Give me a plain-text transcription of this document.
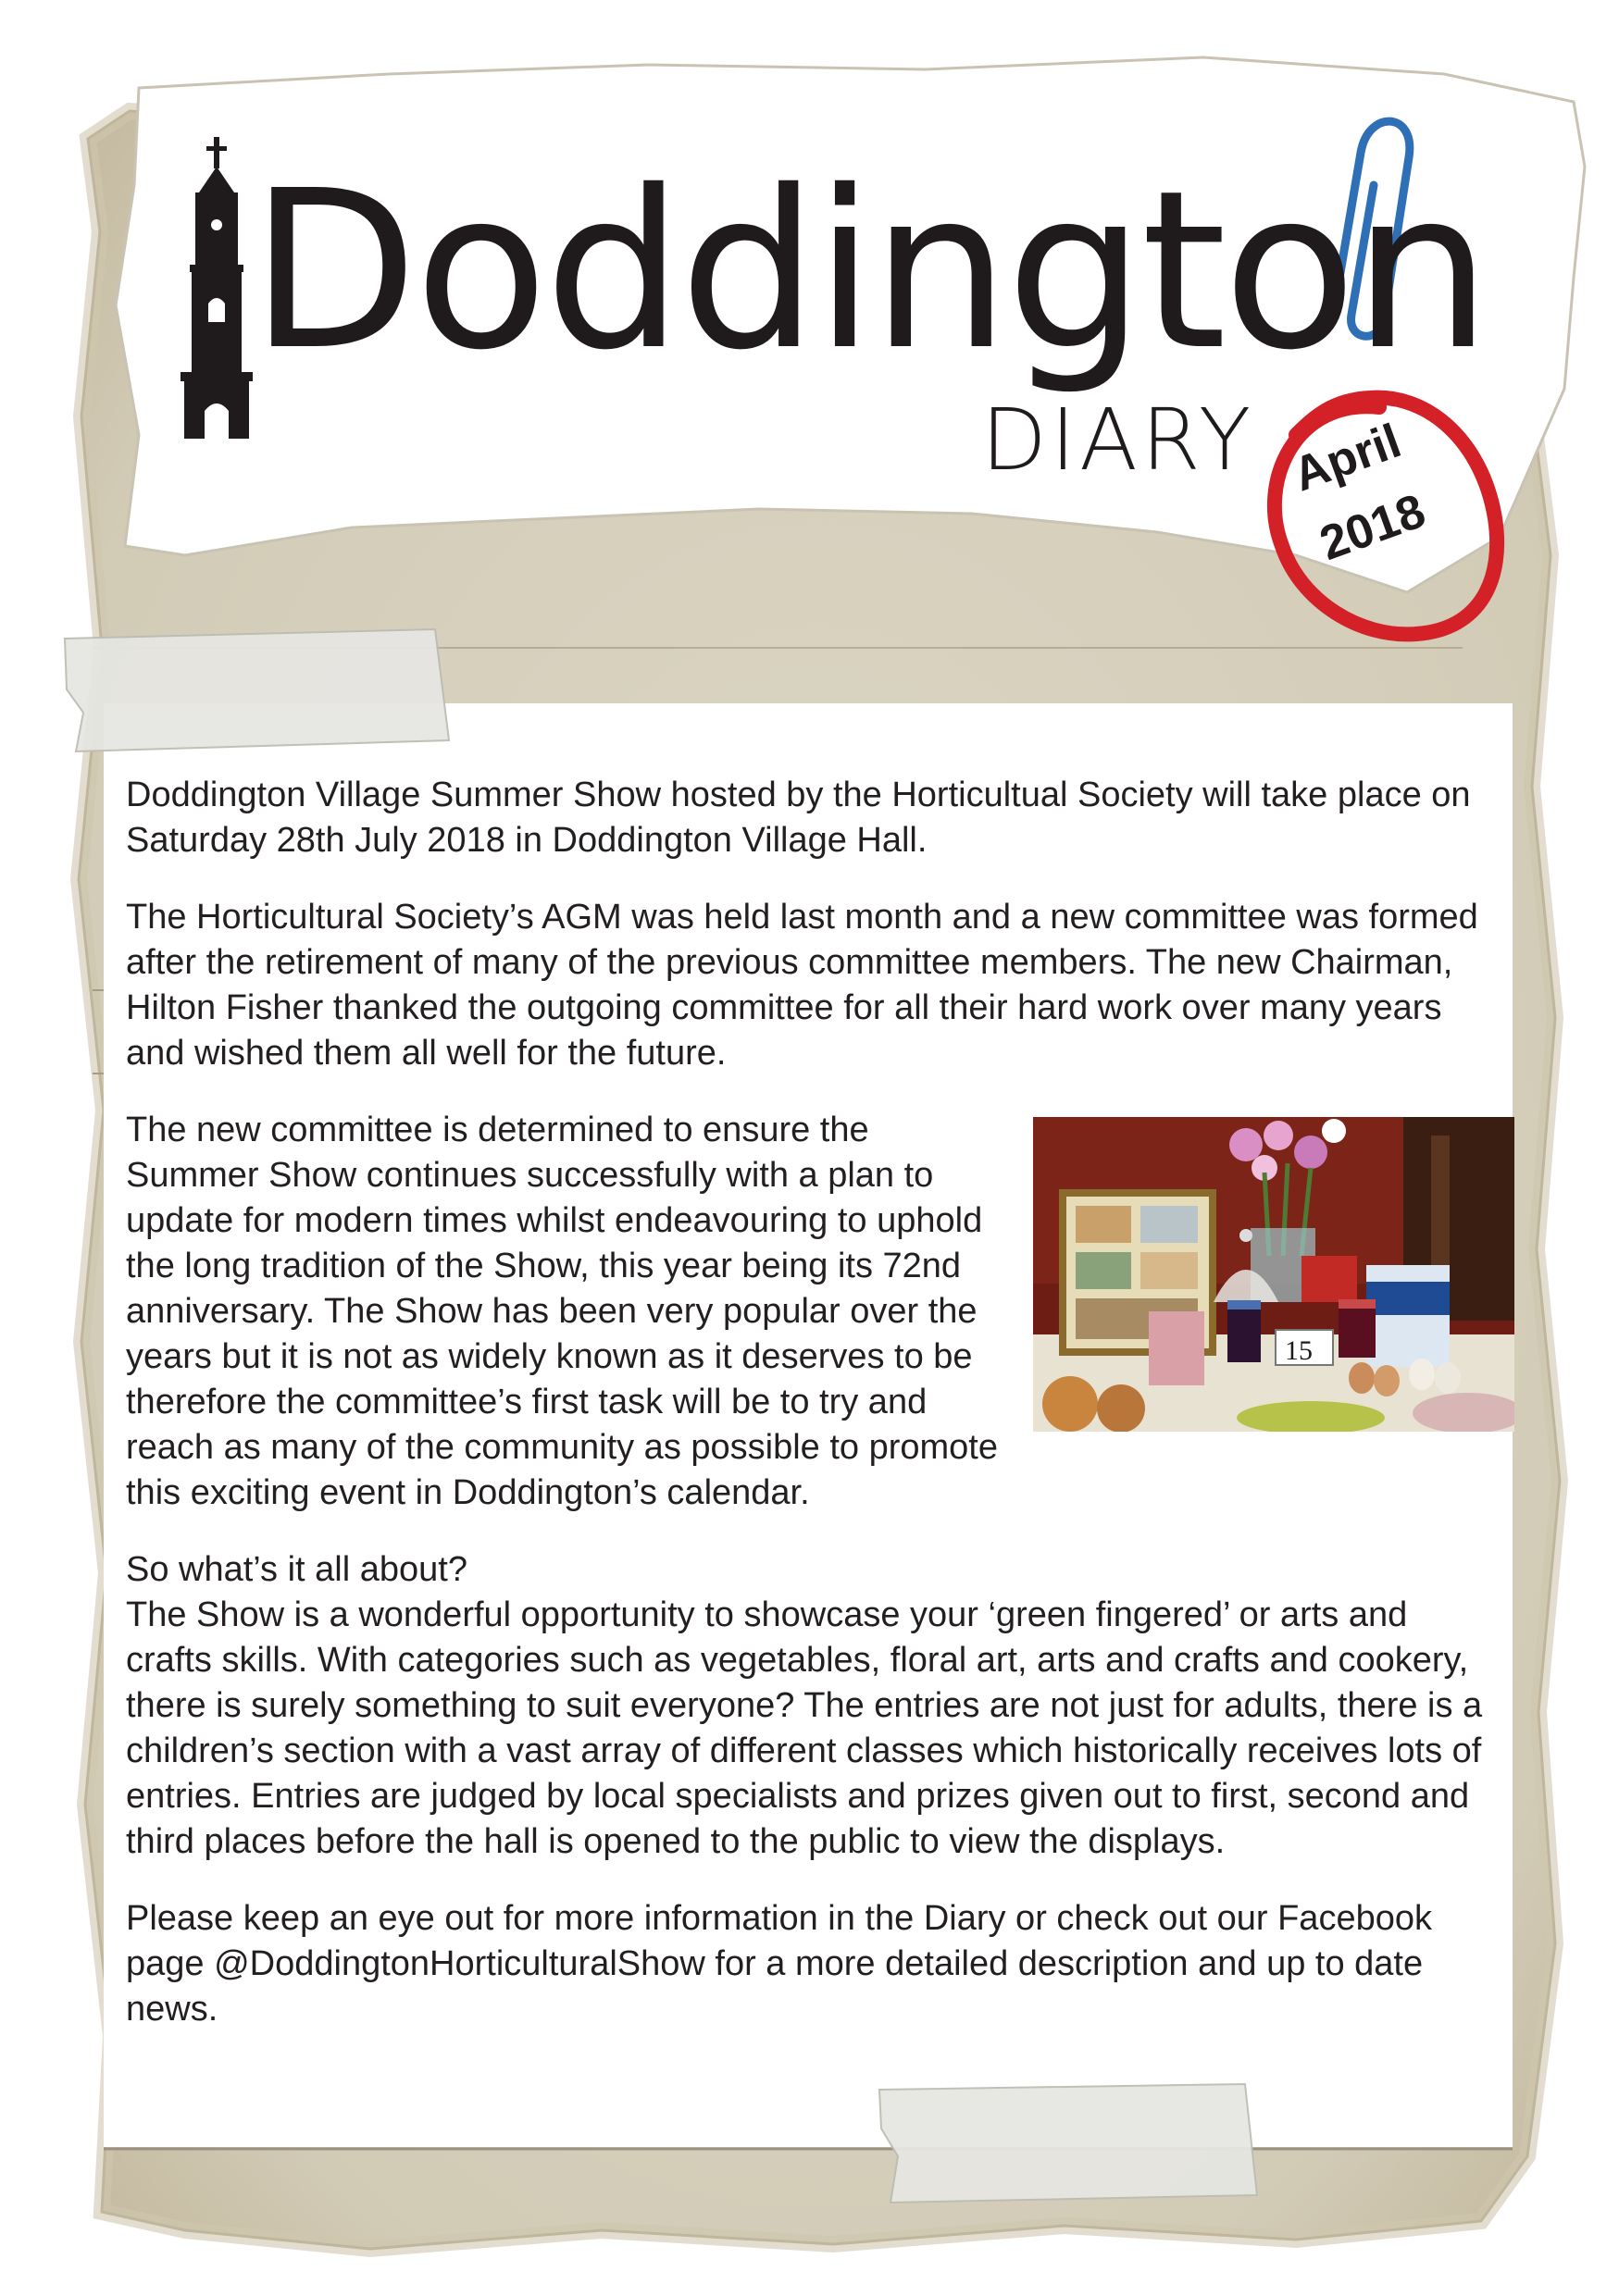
Doddington
DIARY April
2018

Doddington Village Summer Show hosted by the Horticultual Society will take place on Saturday 28th July 2018 in Doddington Village Hall.

The Horticultural Society’s AGM was held last month and a new committee was formed after the retirement of many of the previous committee members. The new Chairman, Hilton Fisher thanked the outgoing committee for all their hard work over many years and wished them all well for the future.

15

The new committee is determined to ensure the Summer Show continues successfully with a plan to update for modern times whilst endeavouring to uphold the long tradition of the Show, this year being its 72nd anniversary. The Show has been very popular over the years but it is not as widely known as it deserves to be therefore the committee’s first task will be to try and reach as many of the community as possible to promote this exciting event in Doddington’s calendar.

So what’s it all about?

The Show is a wonderful opportunity to showcase your ‘green fingered’ or arts and crafts skills. With categories such as vegetables, floral art, arts and crafts and cookery, there is surely something to suit everyone? The entries are not just for adults, there is a children’s section with a vast array of different classes which historically receives lots of entries. Entries are judged by local specialists and prizes given out to first, second and third places before the hall is opened to the public to view the displays.

Please keep an eye out for more information in the Diary or check out our Facebook page @DoddingtonHorticulturalShow for a more detailed description and up to date news.
